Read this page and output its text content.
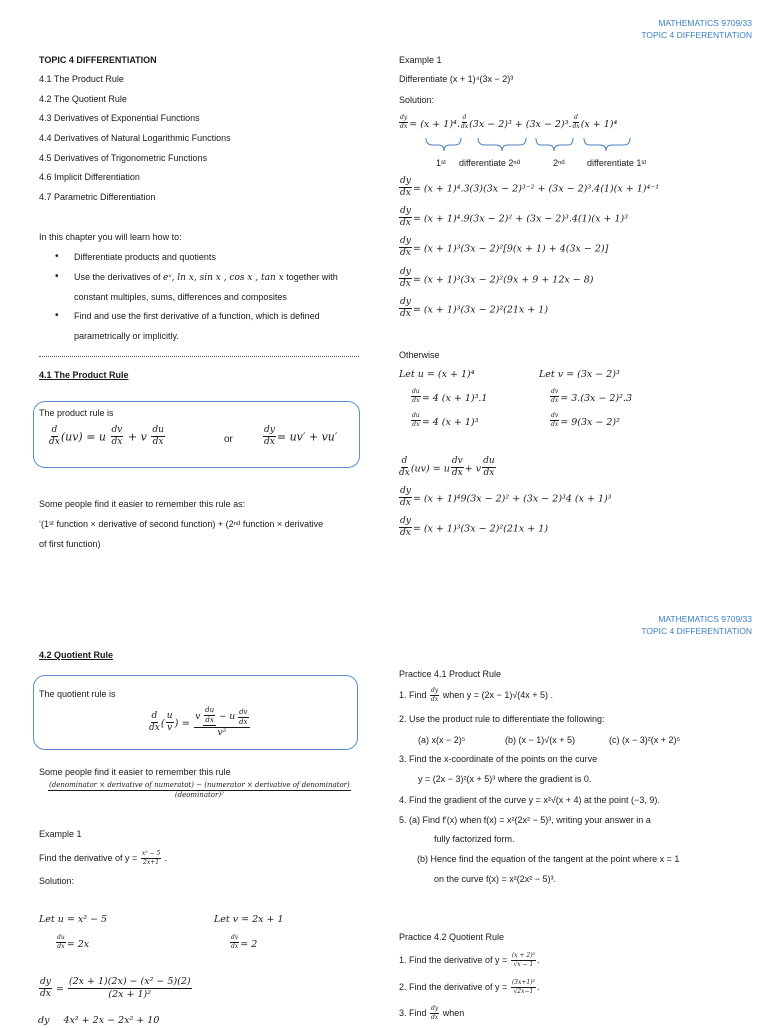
MATHEMATICS 9709/33
TOPIC 4 DIFFERENTIATION
TOPIC 4 DIFFERENTIATION
4.1 The Product Rule
4.2 The Quotient Rule
4.3 Derivatives of Exponential Functions
4.4 Derivatives of Natural Logarithmic Functions
4.5 Derivatives of Trigonometric Functions
4.6 Implicit Differentiation
4.7 Parametric Differentiation
In this chapter you will learn how to:
• Differentiate products and quotients
• Use the derivatives of eˣ, ln x, sin x , cos x , tan x together with
constant multiples, sums, differences and composites
• Find and use the first derivative of a function, which is defined
parametrically or implicitly.
4.1 The Product Rule
The product rule is
$\frac{d}{dx} (uv) = u \frac{dv}{dx} + v \frac{du}{dx}$	or	$\frac{dy}{dx} = uv' + vu'$
Some people find it easier to remember this rule as:
‘(1ˢᵗ function × derivative of second function) + (2ⁿᵈ function × derivative
of first function)
Example 1
Differentiate (x + 1)⁴(3x − 2)³
Solution:
$\frac{dy}{dx} = (x + 1)^4$. $\frac{d}{dx} (3x - 2)^3 + (3x - 2)^3$. $\frac{d}{dx} (x + 1)^4$
1ˢᵗ differentiate 2ⁿᵈ	2ⁿᵈ differentiate 1ˢᵗ
$\frac{dy}{dx} = (x + 1)^4.3(3)(3x - 2)^{3-2} + (3x - 2)^3.4(1)(x + 1)^{4-1}$
$\frac{dy}{dx} = (x + 1)^4.9(3x - 2)^2 + (3x - 2)^3.4(1)(x + 1)^3$
$\frac{dy}{dx} = (x + 1)^3(3x - 2)^2[9(x + 1) + 4(3x - 2)]$
$\frac{dy}{dx} = (x + 1)^3(3x - 2)^2(9x + 9 + 12x - 8)$
$\frac{dy}{dx} = (x + 1)^3(3x - 2)^2(21x + 1)$
Otherwise
Let u = (x + 1)⁴	Let v = (3x − 2)³
$\frac{du}{dx} = 4$ (x + 1)³.1
$\frac{du}{dx} = 4$ (x + 1)³
$\frac{dv}{dx} = 3.(3x - 2)^2.3$
$\frac{dv}{dx} = 9(3x - 2)^2$
$\frac{d}{dx} (uv) = u \frac{dv}{dx} + v \frac{du}{dx}$
$\frac{dy}{dx} = (x + 1)^49(3x - 2)^2 + (3x - 2)^34$ (x + 1)³
$\frac{dy}{dx} = (x + 1)^3(3x - 2)^2(21x + 1)$
MATHEMATICS 9709/33
TOPIC 4 DIFFERENTIATION
4.2 Quotient Rule
The quotient rule is
$\frac{d}{dx}$ ( $\frac{u}{v}$ ) = $\frac{v \frac{du}{dx} - u \frac{dv}{dx}}{\text{v²}}$
Some people find it easier to remember this rule
(denominator × derivative of numeratot) − (numerator × derivative of denominator)
(deominator)²
Example 1
Find the derivative of $y = \frac{\text{x² − 5}}{2x+1}$ .
Solution:
Let u = x² − 5	Let v = 2x + 1
$\frac{du}{dx} = 2x$	$\frac{dv}{dx} = 2$
$\frac{dy}{dx} = \frac{\text{(2x + 1)(2x) − (x² − 5)(2)}}{\text{(2x + 1)²}}$
dy 4x² + 2x − 2x² + 10
Practice 4.1 Product Rule
1. Find $\frac{dy}{dx}$ when y = (2x − 1)√(4x + 5) .
2. Use the product rule to differentiate the following:
(a) x(x − 2)⁵	(b) (x − 1)√(x + 5)	(c) (x − 3)²(x + 2)⁵
3. Find the x-coordinate of the points on the curve
y = (2x − 3)²(x + 5)³ where the gradient is 0.
4. Find the gradient of the curve y = x²√(x + 4) at the point (−3, 9).
5. (a) Find f′(x) when f(x) = x²(2x² − 5)³, writing your answer in a
fully factorized form.
(b) Hence find the equation of the tangent at the point where x = 1
on the curve f(x) = x²(2x² − 5)³.
Practice 4.2 Quotient Rule
1. Find the derivative of $y = \frac{\text{(x + 2)³}}{√x - 1}$ .
2. Find the derivative of $y = \frac{\text{(3x+1)³}}{√2x-1}$ .
3. Find $\frac{dy}{dx}$ when
